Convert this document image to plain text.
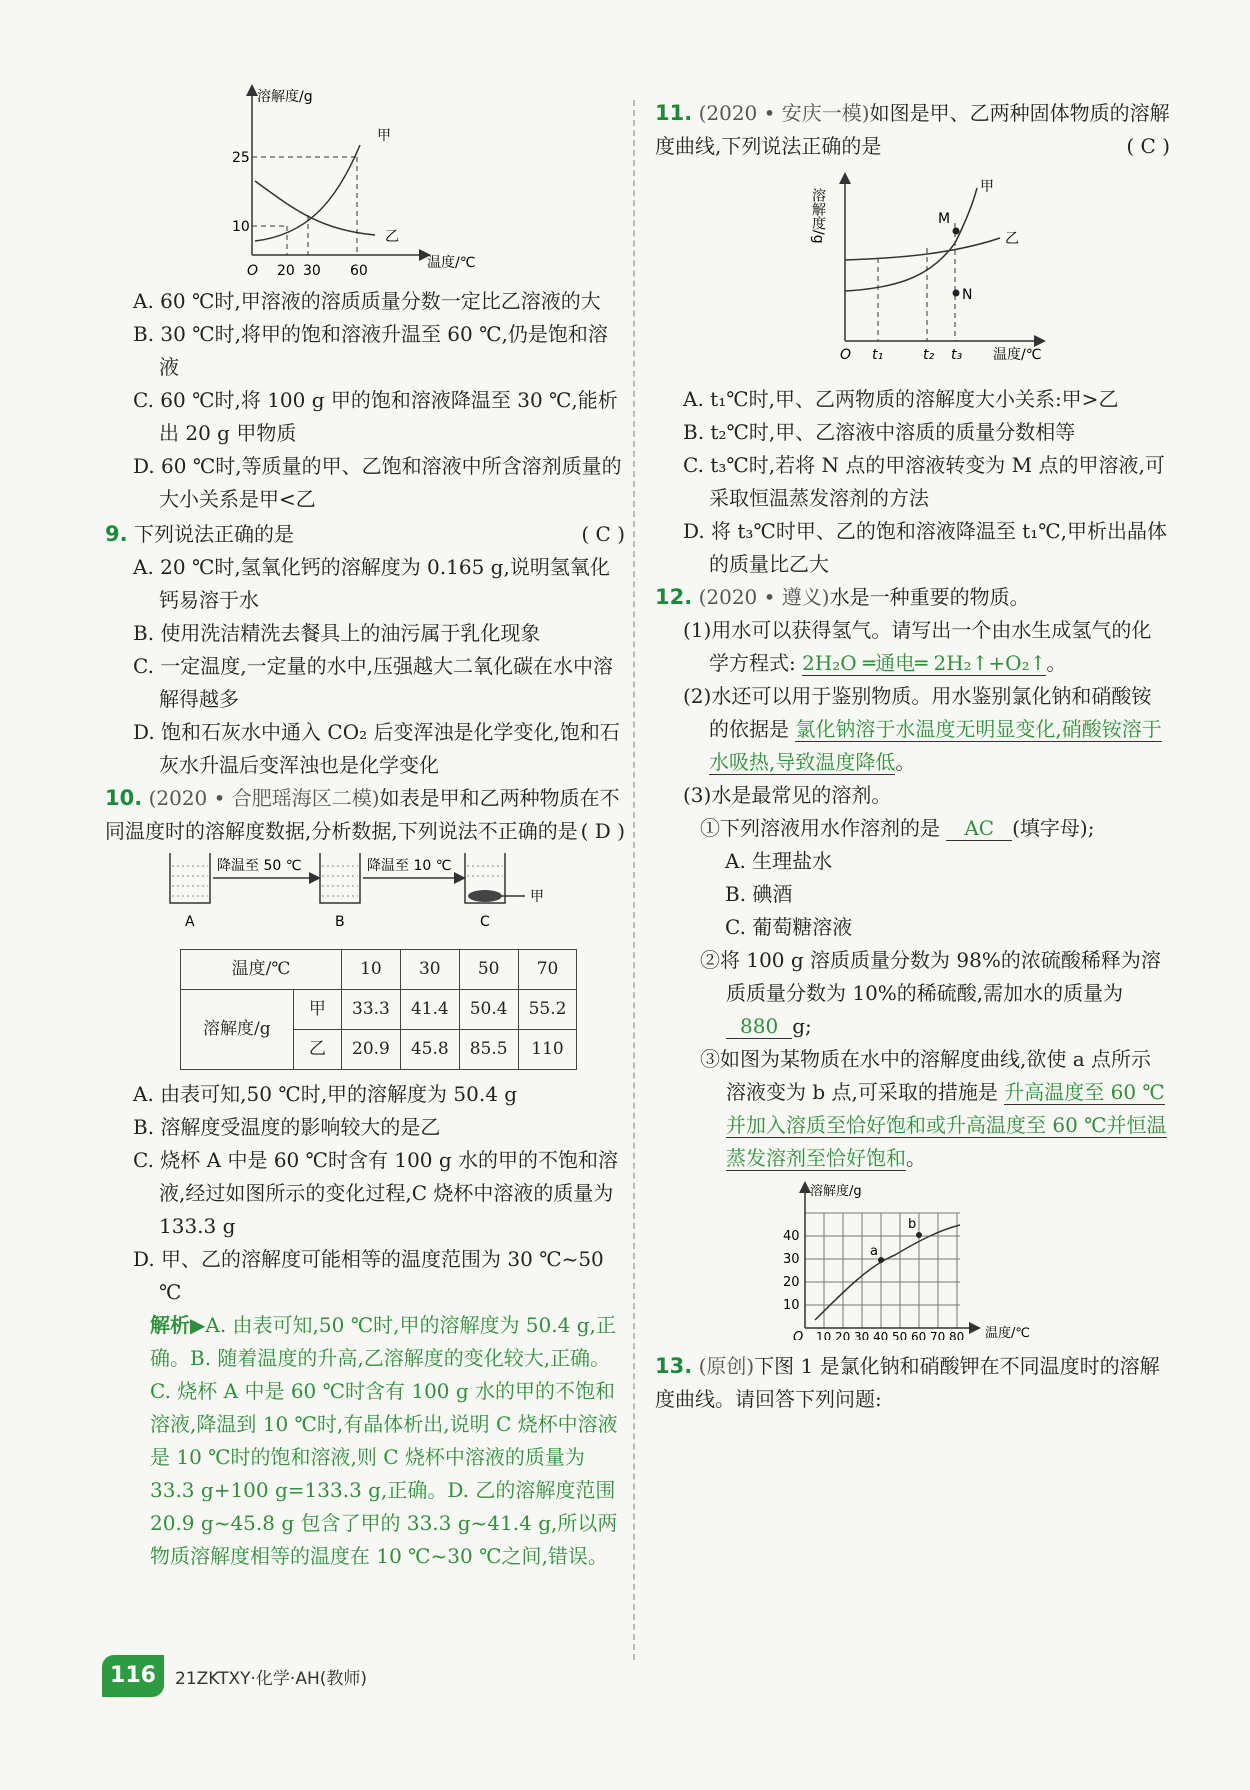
溶解度/g
温度/℃
25
10
O 20 30 60
甲
乙

A. 60 ℃时,甲溶液的溶质质量分数一定比乙溶液的大

B. 30 ℃时,将甲的饱和溶液升温至 60 ℃,仍是饱和溶液

C. 60 ℃时,将 100 g 甲的饱和溶液降温至 30 ℃,能析出 20 g 甲物质

D. 60 ℃时,等质量的甲、乙饱和溶液中所含溶剂质量的大小关系是甲<乙

9. 下列说法正确的是	( C )

A. 20 ℃时,氢氧化钙的溶解度为 0.165 g,说明氢氧化钙易溶于水

B. 使用洗洁精洗去餐具上的油污属于乳化现象

C. 一定温度,一定量的水中,压强越大二氧化碳在水中溶解得越多

D. 饱和石灰水中通入 CO₂ 后变浑浊是化学变化,饱和石灰水升温后变浑浊也是化学变化

10. (2020 • 合肥瑶海区二模)如表是甲和乙两种物质在不同温度时的溶解度数据,分析数据,下列说法不正确的是 ( D )

降温至 50 ℃	降温至 10 ℃
甲
A	B	C
温度/℃		10	30	50	70
溶解度/g	甲	33.3	41.4	50.4	55.2
	乙	20.9	45.8	85.5	110

A. 由表可知,50 ℃时,甲的溶解度为 50.4 g

B. 溶解度受温度的影响较大的是乙

C. 烧杯 A 中是 60 ℃时含有 100 g 水的甲的不饱和溶液,经过如图所示的变化过程,C 烧杯中溶液的质量为 133.3 g

D. 甲、乙的溶解度可能相等的温度范围为 30 ℃~50 ℃

解析▶A. 由表可知,50 ℃时,甲的溶解度为 50.4 g,正确。B. 随着温度的升高,乙溶解度的变化较大,正确。C. 烧杯 A 中是 60 ℃时含有 100 g 水的甲的不饱和溶液,降温到 10 ℃时,有晶体析出,说明 C 烧杯中溶液是 10 ℃时的饱和溶液,则 C 烧杯中溶液的质量为 33.3 g+100 g=133.3 g,正确。D. 乙的溶解度范围 20.9 g~45.8 g 包含了甲的 33.3 g~41.4 g,所以两物质溶解度相等的温度在 10 ℃~30 ℃之间,错误。

11. (2020 • 安庆一模)如图是甲、乙两种固体物质的溶解度曲线,下列说法正确的是	( C )

溶解度/g
温度/℃
O t₁	t₂ t₃
M
N
甲
乙

A. t₁℃时,甲、乙两物质的溶解度大小关系:甲>乙

B. t₂℃时,甲、乙溶液中溶质的质量分数相等

C. t₃℃时,若将 N 点的甲溶液转变为 M 点的甲溶液,可采取恒温蒸发溶剂的方法

D. 将 t₃℃时甲、乙的饱和溶液降温至 t₁℃,甲析出晶体的质量比乙大

12. (2020 • 遵义)水是一种重要的物质。

(1)用水可以获得氢气。请写出一个由水生成氢气的化学方程式: 2H₂O ═通电═ 2H₂↑+O₂↑。

(2)水还可以用于鉴别物质。用水鉴别氯化钠和硝酸铵的依据是 氯化钠溶于水温度无明显变化,硝酸铵溶于水吸热,导致温度降低。

(3)水是最常见的溶剂。

①下列溶液用水作溶剂的是 AC (填字母);

A. 生理盐水

B. 碘酒

C. 葡萄糖溶液

②将 100 g 溶质质量分数为 98%的浓硫酸稀释为溶质质量分数为 10%的稀硫酸,需加水的质量为 880 g;

③如图为某物质在水中的溶解度曲线,欲使 a 点所示溶液变为 b 点,可采取的措施是 升高温度至 60 ℃并加入溶质至恰好饱和或升高温度至 60 ℃并恒温蒸发溶剂至恰好饱和。

溶解度/g
温度/℃
40
30
20
10
O 10 20 30 40 50 60 70 80
a
b

13. (原创)下图 1 是氯化钠和硝酸钾在不同温度时的溶解度曲线。请回答下列问题:

116	21ZKTXY·化学·AH(教师)
